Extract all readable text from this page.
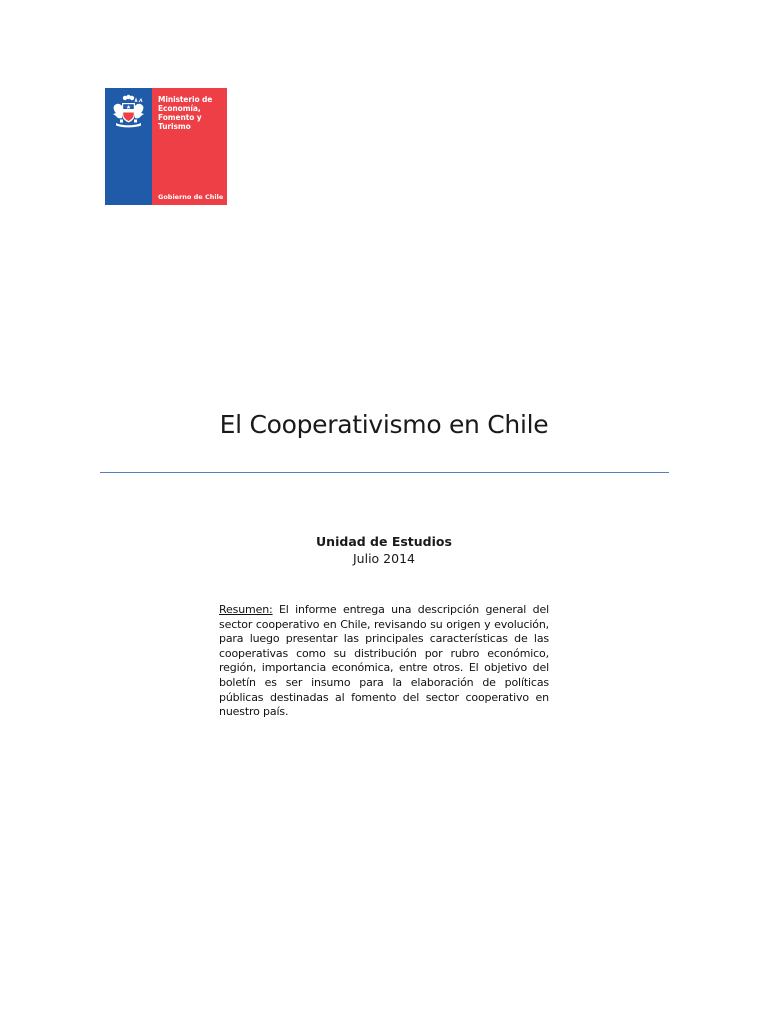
Ministerio de
Economía,
Fomento y
Turismo

Gobierno de Chile
El Cooperativismo en Chile
Unidad de Estudios
Julio 2014

Resumen: El informe entrega una descripción general del sector cooperativo en Chile, revisando su origen y evolución, para luego presentar las principales características de las cooperativas como su distribución por rubro económico, región, importancia económica, entre otros. El objetivo del boletín es ser insumo para la elaboración de políticas públicas destinadas al fomento del sector cooperativo en nuestro país.
